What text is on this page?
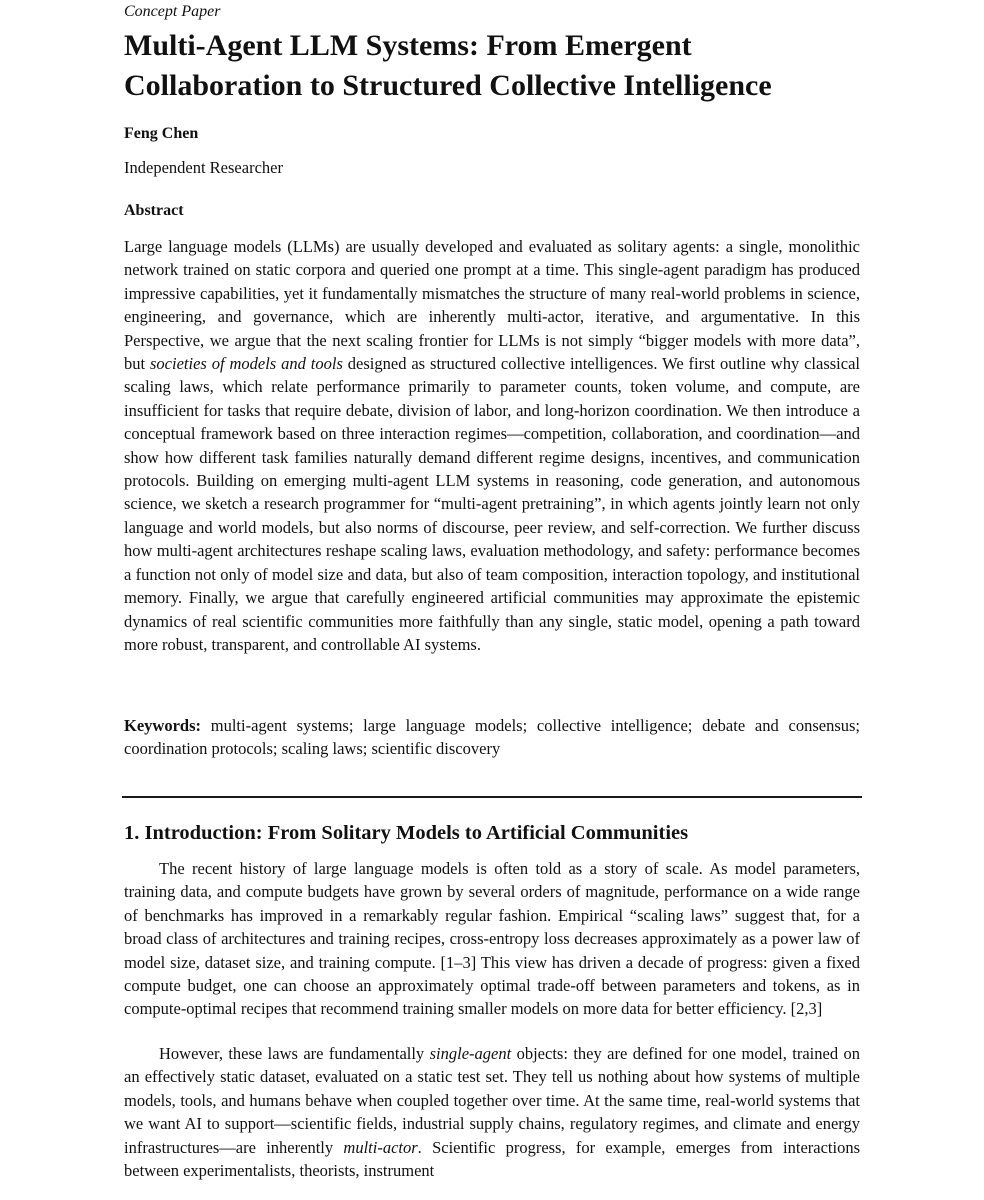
Concept Paper
Multi-Agent LLM Systems: From Emergent Collaboration to Structured Collective Intelligence
Feng Chen
Independent Researcher
Abstract

Large language models (LLMs) are usually developed and evaluated as solitary agents: a single, monolithic network trained on static corpora and queried one prompt at a time. This single-agent paradigm has produced impressive capabilities, yet it fundamentally mismatches the structure of many real-world problems in science, engineering, and governance, which are inherently multi-actor, iterative, and argumentative. In this Perspective, we argue that the next scaling frontier for LLMs is not simply “bigger models with more data”, but societies of models and tools designed as structured collective intelligences. We first outline why classical scaling laws, which relate performance primarily to parameter counts, token volume, and compute, are insufficient for tasks that require debate, division of labor, and long-horizon coordination. We then introduce a conceptual framework based on three interaction regimes—competition, collaboration, and coordination—and show how different task families naturally demand different regime designs, incentives, and communication protocols. Building on emerging multi-agent LLM systems in reasoning, code generation, and autonomous science, we sketch a research programmer for “multi-agent pretraining”, in which agents jointly learn not only language and world models, but also norms of discourse, peer review, and self-correction. We further discuss how multi-agent architectures reshape scaling laws, evaluation methodology, and safety: performance becomes a function not only of model size and data, but also of team composition, interaction topology, and institutional memory. Finally, we argue that carefully engineered artificial communities may approximate the epistemic dynamics of real scientific communities more faithfully than any single, static model, opening a path toward more robust, transparent, and controllable AI systems.

Keywords: multi-agent systems; large language models; collective intelligence; debate and consensus; coordination protocols; scaling laws; scientific discovery

1. Introduction: From Solitary Models to Artificial Communities

The recent history of large language models is often told as a story of scale. As model parameters, training data, and compute budgets have grown by several orders of magnitude, performance on a wide range of benchmarks has improved in a remarkably regular fashion. Empirical “scaling laws” suggest that, for a broad class of architectures and training recipes, cross-entropy loss decreases approximately as a power law of model size, dataset size, and training compute. [1–3] This view has driven a decade of progress: given a fixed compute budget, one can choose an approximately optimal trade-off between parameters and tokens, as in compute-optimal recipes that recommend training smaller models on more data for better efficiency. [2,3]

However, these laws are fundamentally single-agent objects: they are defined for one model, trained on an effectively static dataset, evaluated on a static test set. They tell us nothing about how systems of multiple models, tools, and humans behave when coupled together over time. At the same time, real-world systems that we want AI to support—scientific fields, industrial supply chains, regulatory regimes, and climate and energy infrastructures—are inherently multi-actor. Scientific progress, for example, emerges from interactions between experimentalists, theorists, instrument
